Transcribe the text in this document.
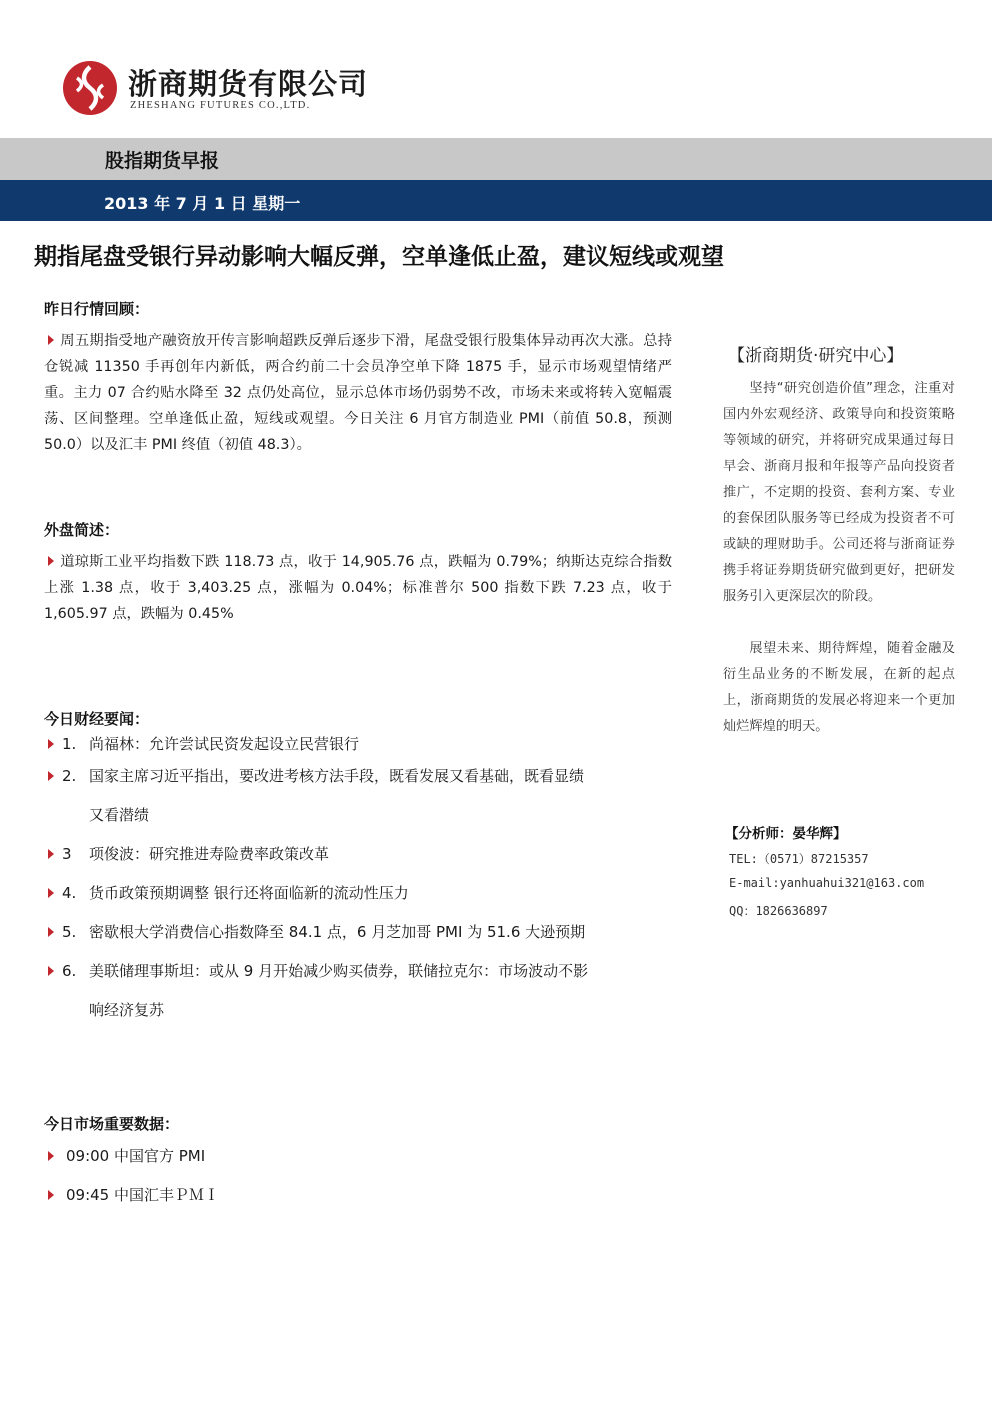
浙商期货有限公司
ZHESHANG FUTURES CO.,LTD.
股指期货早报
2013 年 7 月 1 日 星期一
期指尾盘受银行异动影响大幅反弹，空单逢低止盈，建议短线或观望
昨日行情回顾：
周五期指受地产融资放开传言影响超跌反弹后逐步下滑，尾盘受银行股集体异动再次大涨。总持仓锐减 11350 手再创年内新低，两合约前二十会员净空单下降 1875 手，显示市场观望情绪严重。主力 07 合约贴水降至 32 点仍处高位，显示总体市场仍弱势不改，市场未来或将转入宽幅震荡、区间整理。空单逢低止盈，短线或观望。今日关注 6 月官方制造业 PMI（前值 50.8，预测 50.0）以及汇丰 PMI 终值（初值 48.3）。
外盘简述：
道琼斯工业平均指数下跌 118.73 点，收于 14,905.76 点，跌幅为 0.79%；纳斯达克综合指数上涨 1.38 点，收于 3,403.25 点，涨幅为 0.04%；标准普尔 500 指数下跌 7.23 点，收于 1,605.97 点，跌幅为 0.45%
今日财经要闻：
1. 尚福林：允许尝试民资发起设立民营银行
2. 国家主席习近平指出，要改进考核方法手段，既看发展又看基础，既看显绩
又看潜绩
3 项俊波：研究推进寿险费率政策改革
4. 货币政策预期调整 银行还将面临新的流动性压力
5. 密歇根大学消费信心指数降至 84.1 点，6 月芝加哥 PMI 为 51.6 大逊预期
6. 美联储理事斯坦：或从 9 月开始减少购买债券，联储拉克尔：市场波动不影
响经济复苏
今日市场重要数据：
09:00 中国官方 PMI
09:45 中国汇丰ＰＭＩ
【浙商期货·研究中心】
坚持“研究创造价值”理念，注重对国内外宏观经济、政策导向和投资策略等领域的研究，并将研究成果通过每日早会、浙商月报和年报等产品向投资者推广，不定期的投资、套利方案、专业的套保团队服务等已经成为投资者不可或缺的理财助手。公司还将与浙商证券携手将证券期货研究做到更好，把研发服务引入更深层次的阶段。
展望未来、期待辉煌，随着金融及衍生品业务的不断发展，在新的起点上，浙商期货的发展必将迎来一个更加灿烂辉煌的明天。
【分析师：晏华辉】
TEL:（0571）87215357
E-mail:yanhuahui321@163.com
QQ：1826636897
